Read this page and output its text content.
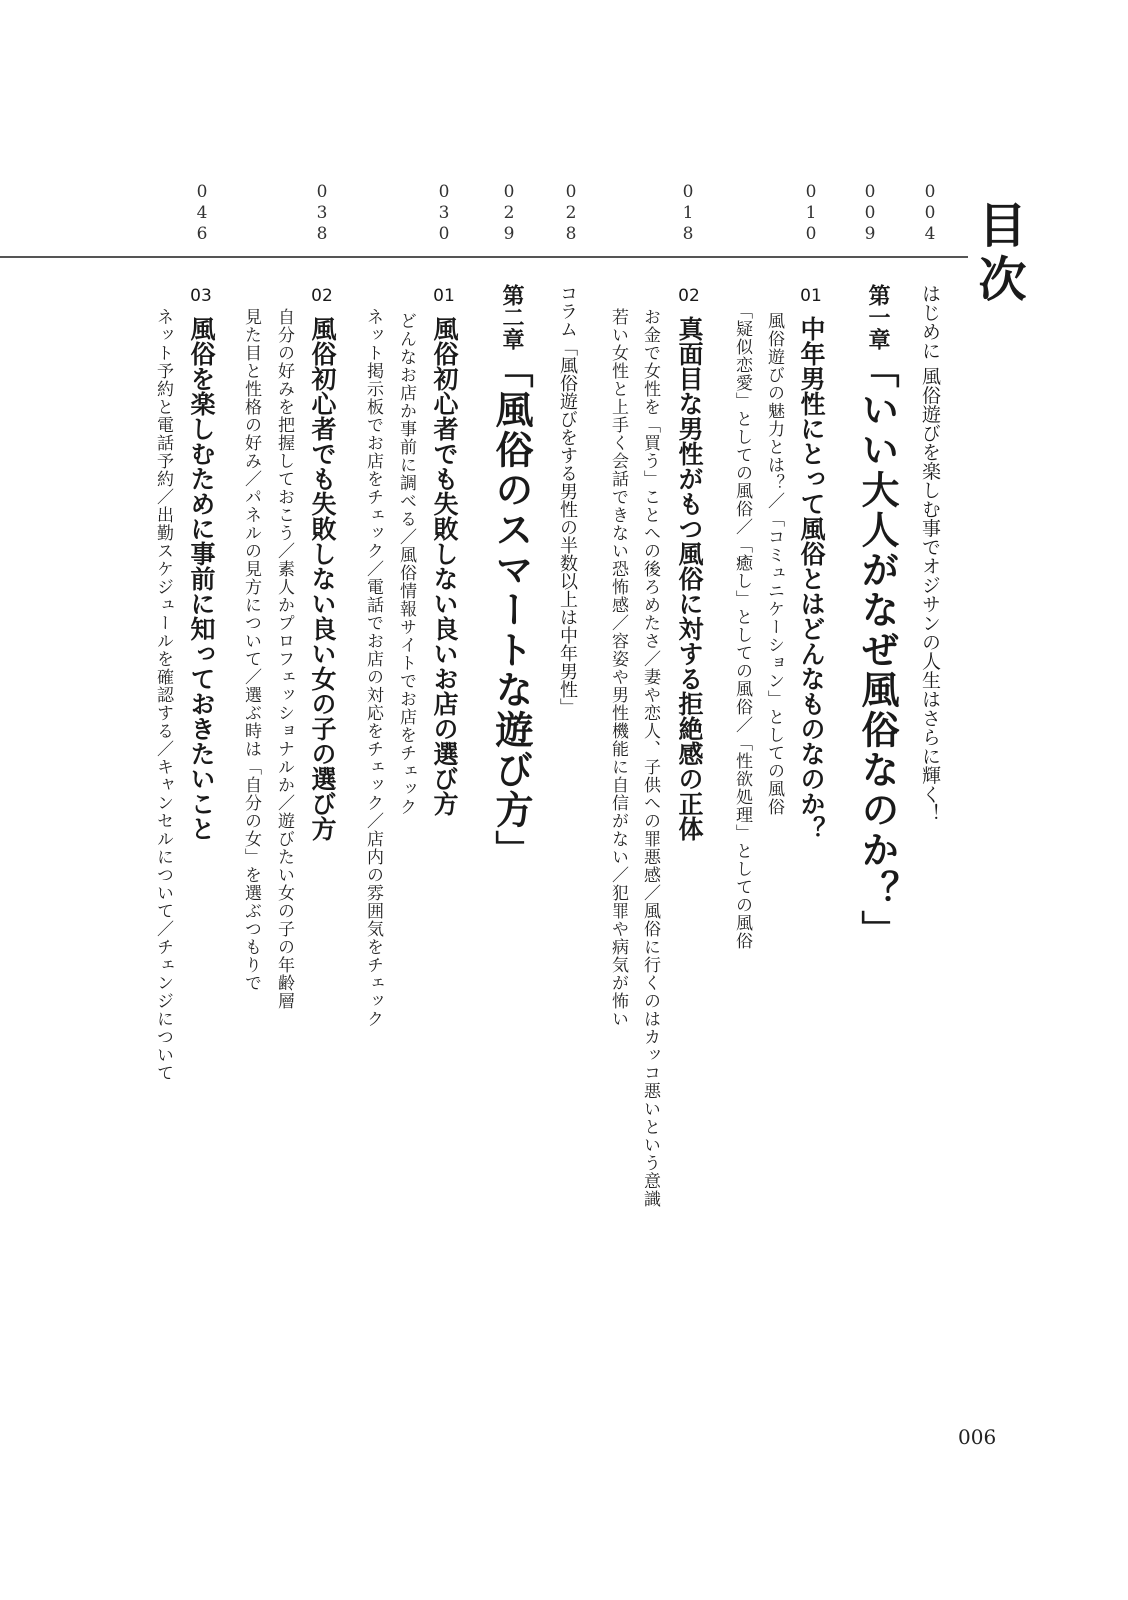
目次
0
0
4
0
0
9
0
1
0
0
1
8
0
2
8
0
2
9
0
3
0
0
3
8
0
4
6
はじめに 風俗遊びを楽しむ事でオジサンの人生はさらに輝く！
第一章「いい大人がなぜ風俗なのか？」
01
中年男性にとって風俗とはどんなものなのか？
風俗遊びの魅力とは？／「コミュニケーション」としての風俗
「疑似恋愛」としての風俗／「癒し」としての風俗／「性欲処理」としての風俗
02
真面目な男性がもつ風俗に対する拒絶感の正体
お金で女性を「買う」ことへの後ろめたさ／妻や恋人、子供への罪悪感／風俗に行くのはカッコ悪いという意識
若い女性と上手く会話できない恐怖感／容姿や男性機能に自信がない／犯罪や病気が怖い
コラム「風俗遊びをする男性の半数以上は中年男性」
第二章「風俗のスマートな遊び方」
01
風俗初心者でも失敗しない良いお店の選び方
どんなお店か事前に調べる／風俗情報サイトでお店をチェック
ネット掲示板でお店をチェック／電話でお店の対応をチェック／店内の雰囲気をチェック
02
風俗初心者でも失敗しない良い女の子の選び方
自分の好みを把握しておこう／素人かプロフェッショナルか／遊びたい女の子の年齢層
見た目と性格の好み／パネルの見方について／選ぶ時は「自分の女」を選ぶつもりで
03
風俗を楽しむために事前に知っておきたいこと
ネット予約と電話予約／出勤スケジュールを確認する／キャンセルについて／チェンジについて
006
